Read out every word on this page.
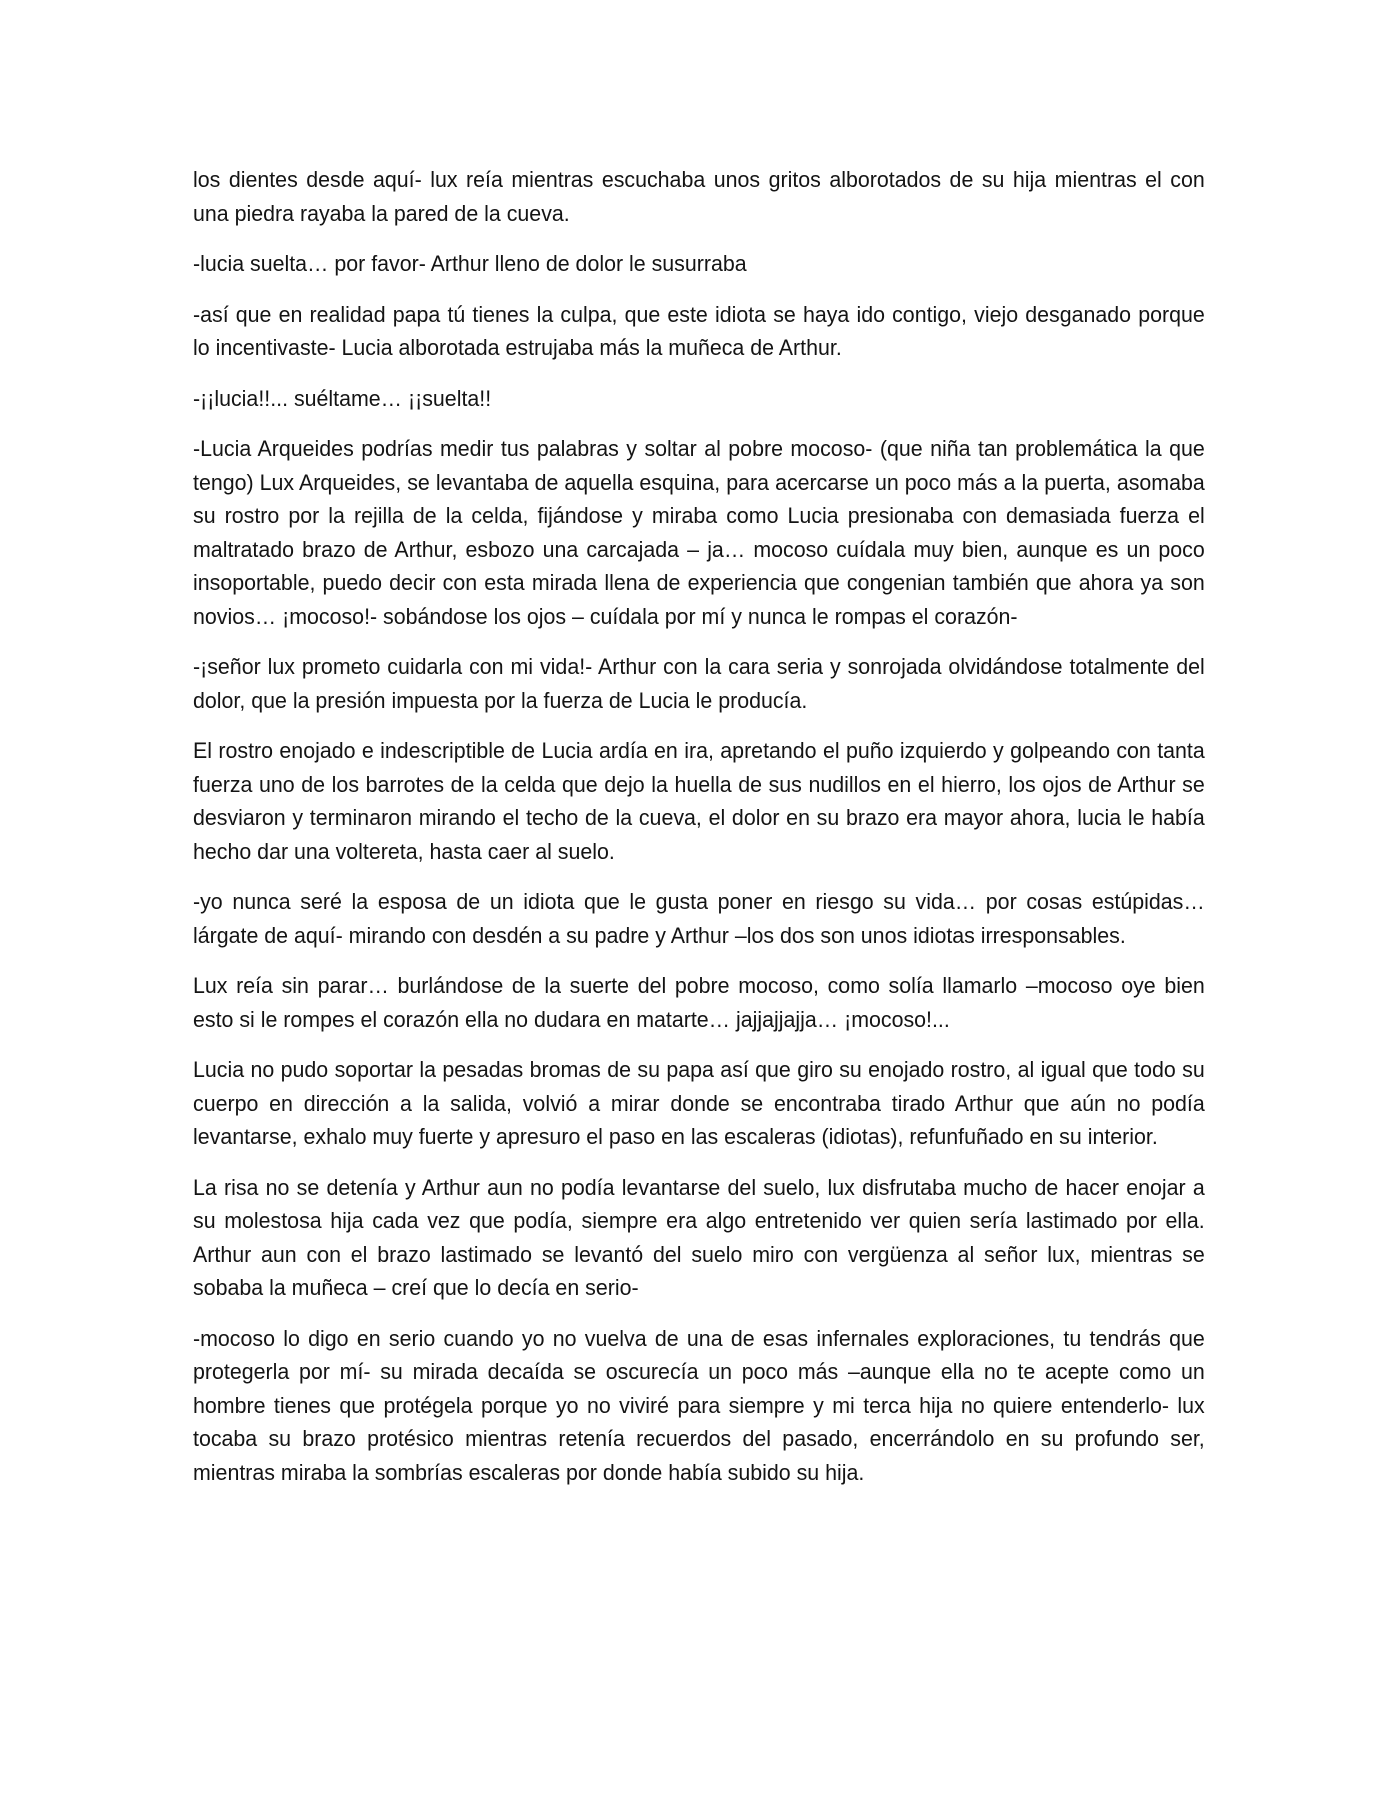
los dientes desde aquí- lux reía mientras escuchaba unos gritos alborotados de su hija mientras el con una piedra rayaba la pared de la cueva.

-lucia suelta… por favor- Arthur lleno de dolor le susurraba

-así que en realidad papa tú tienes la culpa, que este idiota se haya ido contigo, viejo desganado porque lo incentivaste- Lucia alborotada estrujaba más la muñeca de Arthur.

-¡¡lucia!!... suéltame… ¡¡suelta!!

-Lucia Arqueides podrías medir tus palabras y soltar al pobre mocoso- (que niña tan problemática la que tengo) Lux Arqueides, se levantaba de aquella esquina, para acercarse un poco más a la puerta, asomaba su rostro por la rejilla de la celda, fijándose y miraba como Lucia presionaba con demasiada fuerza el maltratado brazo de Arthur, esbozo una carcajada – ja… mocoso cuídala muy bien, aunque es un poco insoportable, puedo decir con esta mirada llena de experiencia que congenian también que ahora ya son novios… ¡mocoso!- sobándose los ojos – cuídala por mí y nunca le rompas el corazón-

-¡señor lux prometo cuidarla con mi vida!- Arthur con la cara seria y sonrojada olvidándose totalmente del dolor, que la presión impuesta por la fuerza de Lucia le producía.

El rostro enojado e indescriptible de Lucia ardía en ira, apretando el puño izquierdo y golpeando con tanta fuerza uno de los barrotes de la celda que dejo la huella de sus nudillos en el hierro, los ojos de Arthur se desviaron y terminaron mirando el techo de la cueva, el dolor en su brazo era mayor ahora, lucia le había hecho dar una voltereta, hasta caer al suelo.

-yo nunca seré la esposa de un idiota que le gusta poner en riesgo su vida… por cosas estúpidas… lárgate de aquí- mirando con desdén a su padre y Arthur –los dos son unos idiotas irresponsables.

Lux reía sin parar… burlándose de la suerte del pobre mocoso, como solía llamarlo –mocoso oye bien esto si le rompes el corazón ella no dudara en matarte… jajjajjajja… ¡mocoso!...

Lucia no pudo soportar la pesadas bromas de su papa así que giro su enojado rostro, al igual que todo su cuerpo en dirección a la salida, volvió a mirar donde se encontraba tirado Arthur que aún no podía levantarse, exhalo muy fuerte y apresuro el paso en las escaleras (idiotas), refunfuñado en su interior.

La risa no se detenía y Arthur aun no podía levantarse del suelo, lux disfrutaba mucho de hacer enojar a su molestosa hija cada vez que podía, siempre era algo entretenido ver quien sería lastimado por ella. Arthur aun con el brazo lastimado se levantó del suelo miro con vergüenza al señor lux, mientras se sobaba la muñeca – creí que lo decía en serio-

-mocoso lo digo en serio cuando yo no vuelva de una de esas infernales exploraciones, tu tendrás que protegerla por mí- su mirada decaída se oscurecía un poco más –aunque ella no te acepte como un hombre tienes que protégela porque yo no viviré para siempre y mi terca hija no quiere entenderlo- lux tocaba su brazo protésico mientras retenía recuerdos del pasado, encerrándolo en su profundo ser, mientras miraba la sombrías escaleras por donde había subido su hija.
